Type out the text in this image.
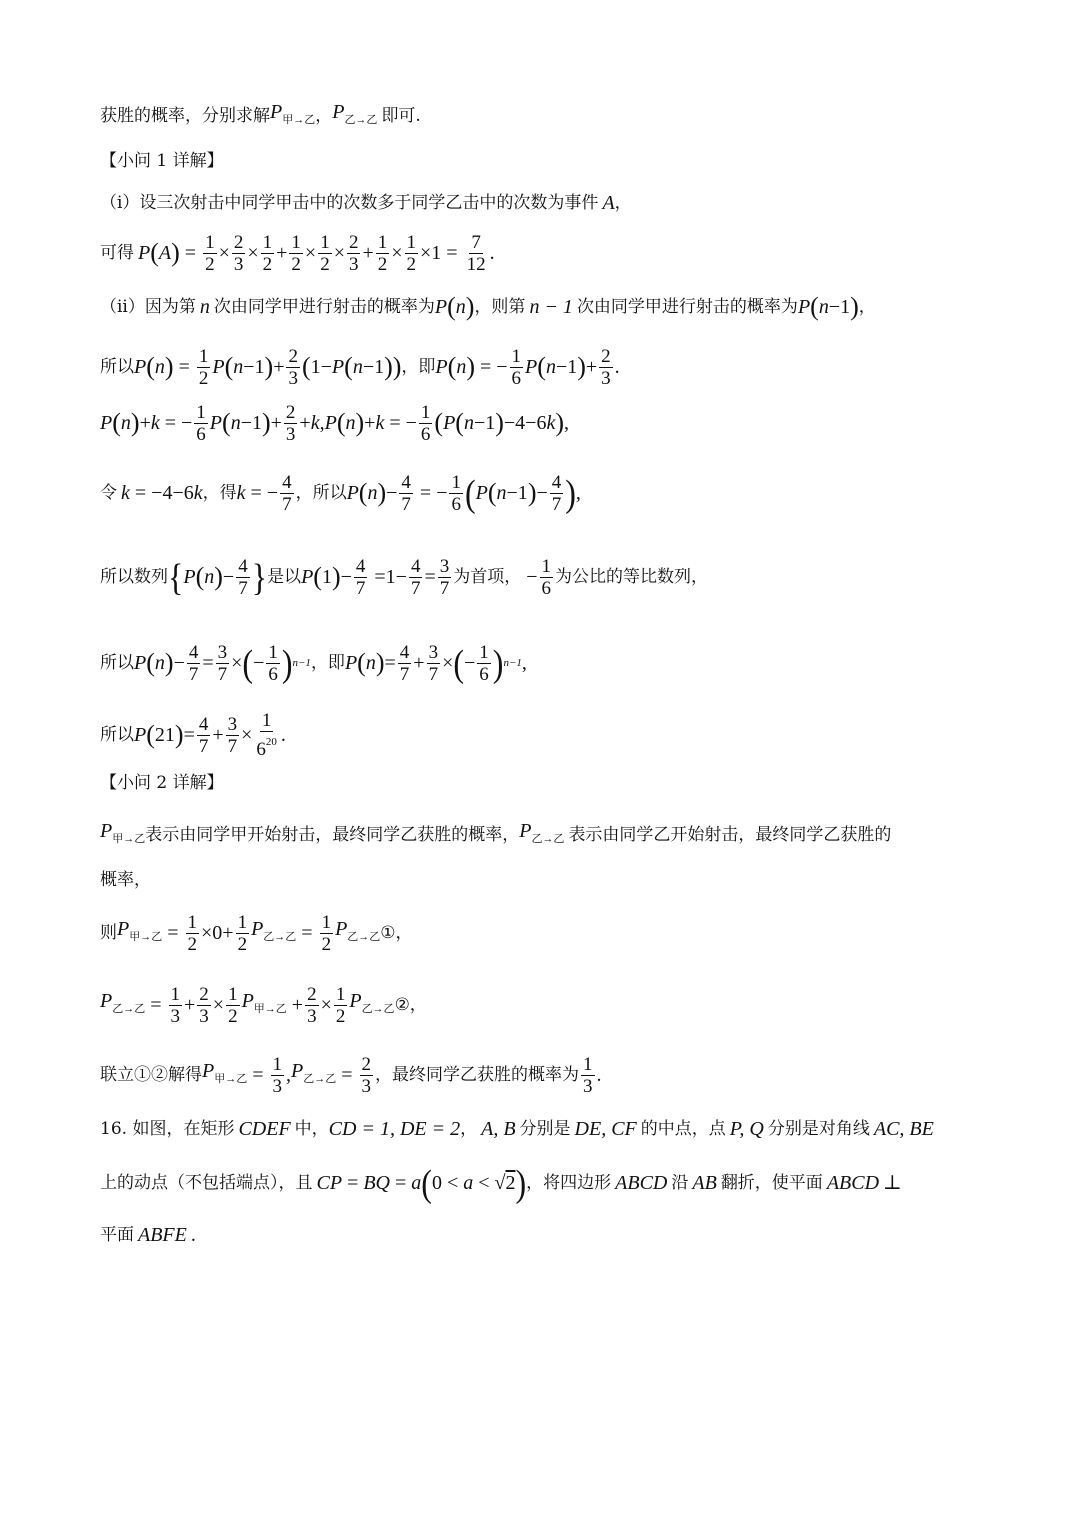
获胜的概率，分别求解 $P_{甲\to 乙}$ ， $P_{乙\to 乙}$ 即可.
【小问 1 详解】
（i）设三次射击中同学甲击中的次数多于同学乙击中的次数为事件 A ，
可得 P ( A ) = $\frac{1}{2} \times \frac{2}{3} \times \frac{1}{2} + \frac{1}{2} \times \frac{1}{2} \times \frac{2}{3} + \frac{1}{2} \times \frac{1}{2} \times 1 = \frac{7}{12}$ .
（ii）因为第 n 次由同学甲进行射击的概率为 P ( n ) ，则第 n − 1 次由同学甲进行射击的概率为 P ( n −1 ) ，
所以 P ( n ) = $\frac{1}{2}$ P ( n −1 ) + $\frac{2}{3}$ ( 1− P ( n −1 )) ，即 P ( n ) = − $\frac{1}{6}$ P ( n −1 ) + $\frac{2}{3}$ .
P ( n ) + k = − $\frac{1}{6}$ P ( n −1 ) + $\frac{2}{3} + k$ , P ( n ) + k = − $\frac{1}{6}$ ( P ( n −1 ) −4−6 k ) ,
令 k = −4−6 k ，得 k = − $\frac{4}{7}$ ，所以 P ( n ) − $\frac{4}{7}$ = − $\frac{1}{6}$ ( P ( n −1 ) − $\frac{4}{7}$ ) ,
所以数列 { P ( n ) − $\frac{4}{7}$ } 是以 P ( 1 ) − $\frac{4}{7} =1- \frac{4}{7} = \frac{3}{7}$ 为首项， − $\frac{1}{6}$ 为公比的等比数列，
所以 P ( n ) − $\frac{4}{7} = \frac{3}{7}$ × ( − $\frac{1}{6}$ ) n−1 ，即 P ( n ) = $\frac{4}{7} + \frac{3}{7}$ × ( − $\frac{1}{6}$ ) n−1 ,
所以 P ( 21 ) = $\frac{4}{7} + \frac{3}{7} \times \frac{1}{6^{20}}$ .
【小问 2 详解】
$P_{甲\to 乙}$ 表示由同学甲开始射击，最终同学乙获胜的概率， $P_{乙\to 乙}$ 表示由同学乙开始射击，最终同学乙获胜的
概率，
则 $P_{甲\to 乙} = \frac{1}{2} \times 0+ \frac{1}{2} P_{乙\to 乙} = \frac{1}{2} P_{乙\to 乙}$ ①，
$P_{乙\to 乙} = \frac{1}{3} + \frac{2}{3} \times \frac{1}{2} P_{甲\to 乙} + \frac{2}{3} \times \frac{1}{2} P_{乙\to 乙}$ ②，
联立①②解得 $P_{甲\to 乙} = \frac{1}{3}$ , $P_{乙\to 乙} = \frac{2}{3}$ ，最终同学乙获胜的概率为 $\frac{1}{3}$ .
16. 如图，在矩形 CDEF 中， CD = 1, DE = 2 ， A, B 分别是 DE, CF 的中点，点 P, Q 分别是对角线 AC, BE
上的动点（不包括端点），且 CP = BQ = a ( 0 < a < √ 2 ) ，将四边形 ABCD 沿 AB 翻折，使平面 ABCD ⊥
平面 ABFE .
